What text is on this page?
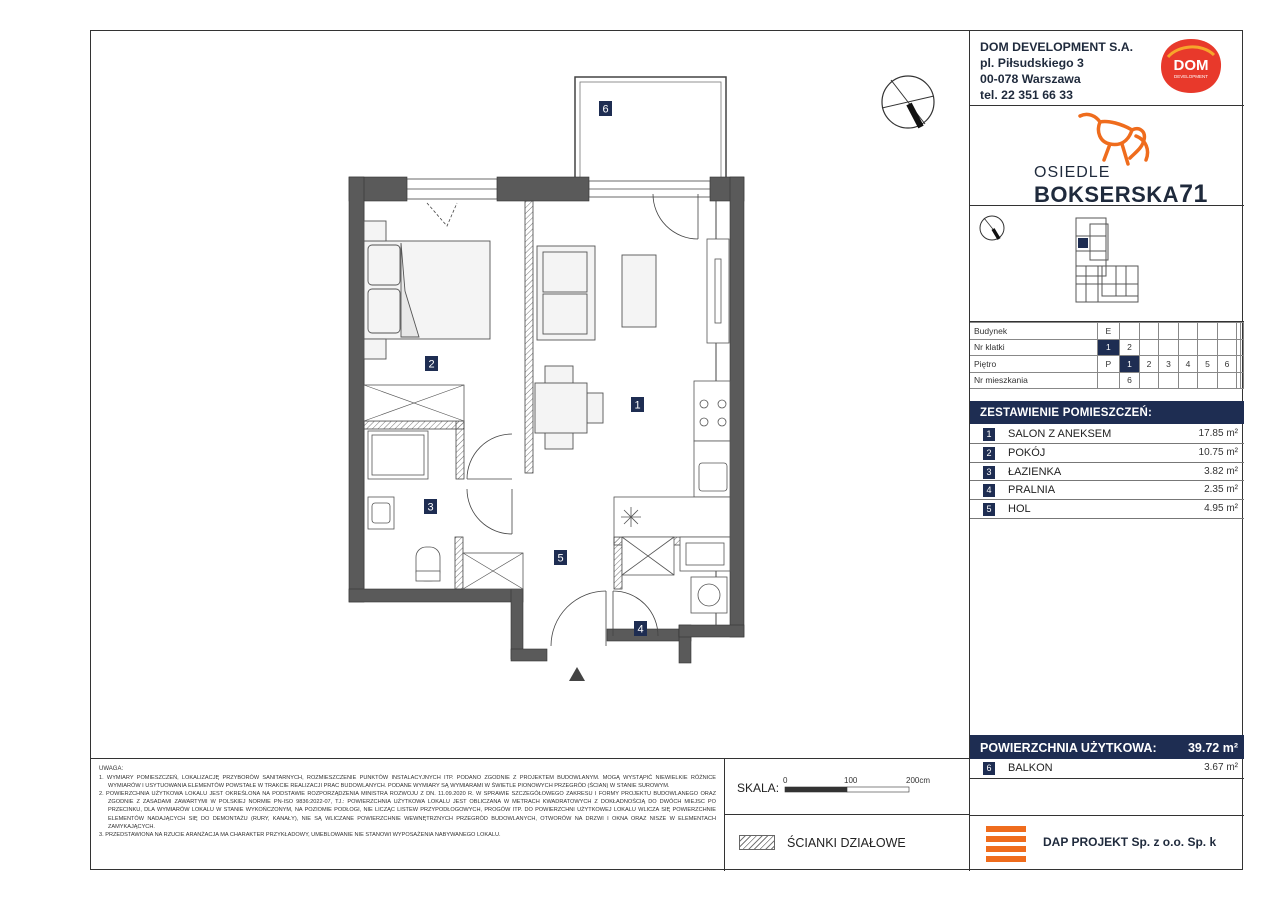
1
2
3
4
5
6
UWAGA:
1. WYMIARY POMIESZCZEŃ, LOKALIZACJĘ PRZYBORÓW SANITARNYCH, ROZMIESZCZENIE PUNKTÓW INSTALACYJNYCH ITP. PODANO ZGODNIE Z PROJEKTEM BUDOWLANYM. MOGĄ WYSTĄPIĆ NIEWIELKIE RÓŻNICE WYMIARÓW I USYTUOWANIA ELEMENTÓW POWSTAŁE W TRAKCIE REALIZACJI PRAC BUDOWLANYCH. PODANE WYMIARY SĄ WYMIARAMI W ŚWIETLE PIONOWYCH PRZEGRÓD (ŚCIAN) W STANIE SUROWYM.
2. POWIERZCHNIA UŻYTKOWA LOKALU JEST OKREŚLONA NA PODSTAWIE ROZPORZĄDZENIA MINISTRA ROZWOJU Z DN. 11.09.2020 R. W SPRAWIE SZCZEGÓŁOWEGO ZAKRESU I FORMY PROJEKTU BUDOWLANEGO ORAZ ZGODNIE Z ZASADAMI ZAWARTYMI W POLSKIEJ NORMIE PN-ISO 9836:2022-07, TJ.: POWIERZCHNIA UŻYTKOWA LOKALU JEST OBLICZANA W METRACH KWADRATOWYCH Z DOKŁADNOŚCIĄ DO DWÓCH MIEJSC PO PRZECINKU, DLA WYMIARÓW LOKALU W STANIE WYKOŃCZONYM, NA POZIOMIE PODŁOGI, NIE LICZĄC LISTEW PRZYPODŁOGOWYCH, PROGÓW ITP. DO POWIERZCHNI UŻYTKOWEJ LOKALU WLICZA SIĘ POWIERZCHNIE ELEMENTÓW NADAJĄCYCH SIĘ DO DEMONTAŻU (RURY, KANAŁY), NIE SĄ WLICZANE POWIERZCHNIE WEWNĘTRZNYCH PRZEGRÓD BUDOWLANYCH, OTWORÓW NA DRZWI I OKNA ORAZ NISZE W ELEMENTACH ZAMYKAJĄCYCH.
3. PRZEDSTAWIONA NA RZUCIE ARANŻACJA MA CHARAKTER PRZYKŁADOWY, UMEBLOWANIE NIE STANOWI WYPOSAŻENIA NABYWANEGO LOKALU.
SKALA:
0	100	200cm
ŚCIANKI DZIAŁOWE
DOM DEVELOPMENT S.A.
pl. Piłsudskiego 3
00-078 Warszawa
tel. 22 351 66 33
DOM
DEVELOPMENT
OSIEDLE
BOKSERSKA71
Budynek	E								
Nr klatki	1	2							
Piętro	P	1	2	3	4	5	6		
Nr mieszkania		6							
ZESTAWIENIE POMIESZCZEŃ:
1	SALON Z ANEKSEM	17.85 m²
2	POKÓJ	10.75 m²
3	ŁAZIENKA	3.82 m²
4	PRALNIA	2.35 m²
5	HOL	4.95 m²
POWIERZCHNIA UŻYTKOWA:	39.72 m²
6	BALKON	3.67 m²
DAP PROJEKT Sp. z o.o. Sp. k
